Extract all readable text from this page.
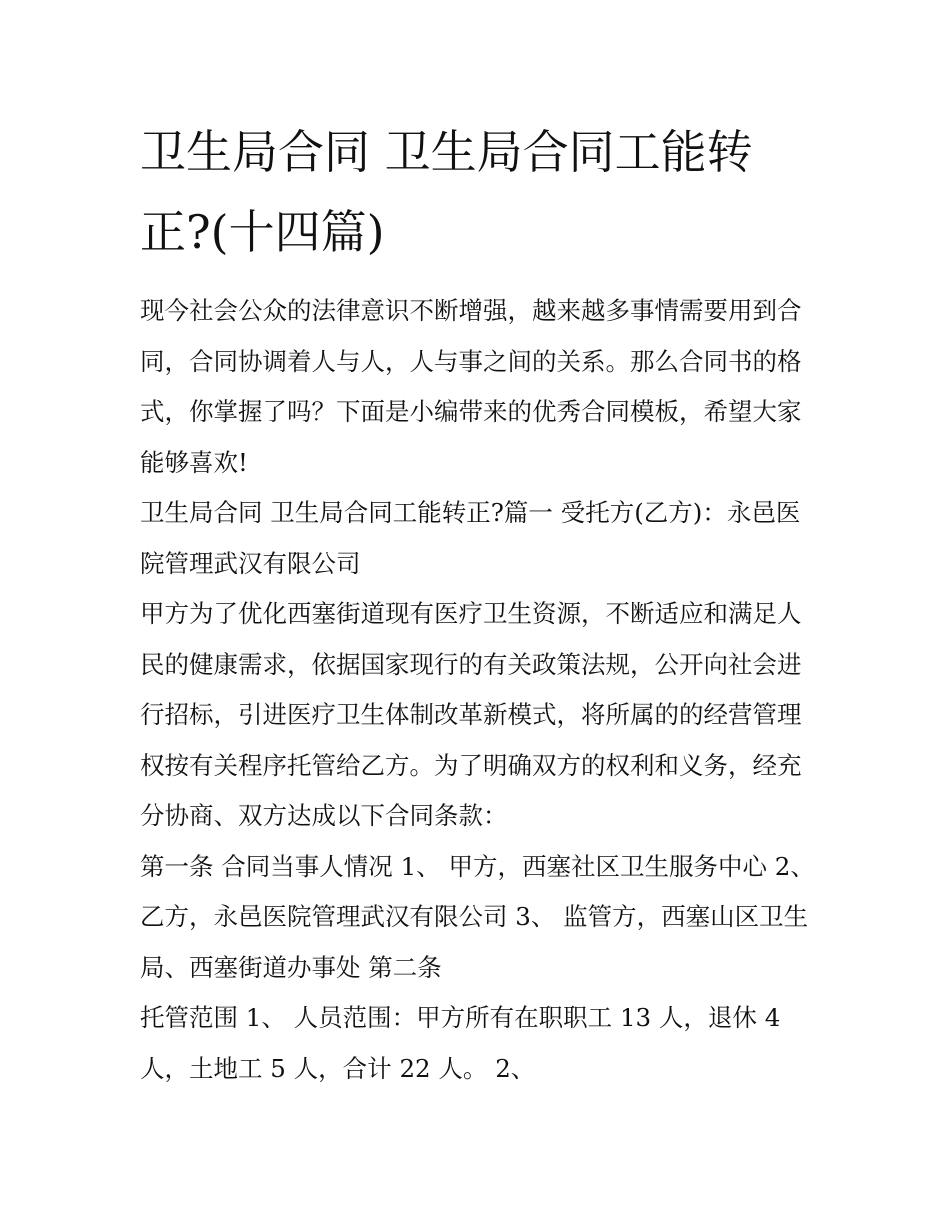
卫生局合同 卫生局合同工能转正?(十四篇)

现今社会公众的法律意识不断增强，越来越多事情需要用到合同，合同协调着人与人，人与事之间的关系。那么合同书的格式，你掌握了吗？下面是小编带来的优秀合同模板，希望大家能够喜欢!

卫生局合同 卫生局合同工能转正?篇一 受托方(乙方)：永邑医院管理武汉有限公司

甲方为了优化西塞街道现有医疗卫生资源，不断适应和满足人民的健康需求，依据国家现行的有关政策法规，公开向社会进行招标，引进医疗卫生体制改革新模式，将所属的的经营管理权按有关程序托管给乙方。为了明确双方的权利和义务，经充分协商、双方达成以下合同条款：

第一条 合同当事人情况 1、 甲方，西塞社区卫生服务中心 2、乙方，永邑医院管理武汉有限公司 3、 监管方，西塞山区卫生局、西塞街道办事处 第二条

托管范围 1、 人员范围：甲方所有在职职工 13 人，退休 4 人，土地工 5 人，合计 22 人。 2、
